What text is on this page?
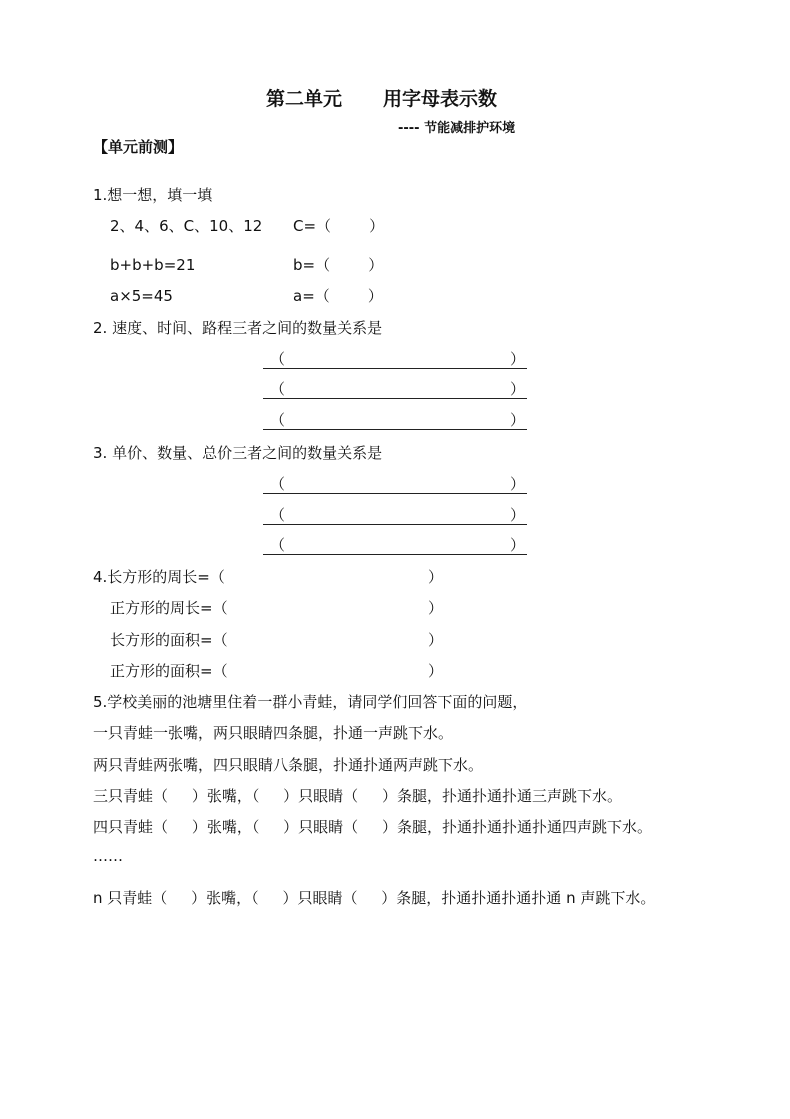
第二单元 用字母表示数
---- 节能减排护环境
【单元前测】
1.想一想，填一填
2、4、6、C、10、12 C=（        ）
b+b+b=21	b=（        ）
a×5=45	a=（        ）
2. 速度、时间、路程三者之间的数量关系是
（	）
（	）
（	）
3. 单价、数量、总价三者之间的数量关系是
（	）
（	）
（	）
4.长方形的周长=（	）
正方形的周长=（	）
长方形的面积=（	）
正方形的面积=（	）
5.学校美丽的池塘里住着一群小青蛙，请同学们回答下面的问题，
一只青蛙一张嘴，两只眼睛四条腿，扑通一声跳下水。
两只青蛙两张嘴，四只眼睛八条腿，扑通扑通两声跳下水。
三只青蛙（     ）张嘴，（     ）只眼睛（     ）条腿，扑通扑通扑通三声跳下水。
四只青蛙（     ）张嘴，（     ）只眼睛（     ）条腿，扑通扑通扑通扑通四声跳下水。
……
n 只青蛙（     ）张嘴，（     ）只眼睛（     ）条腿，扑通扑通扑通扑通 n 声跳下水。
